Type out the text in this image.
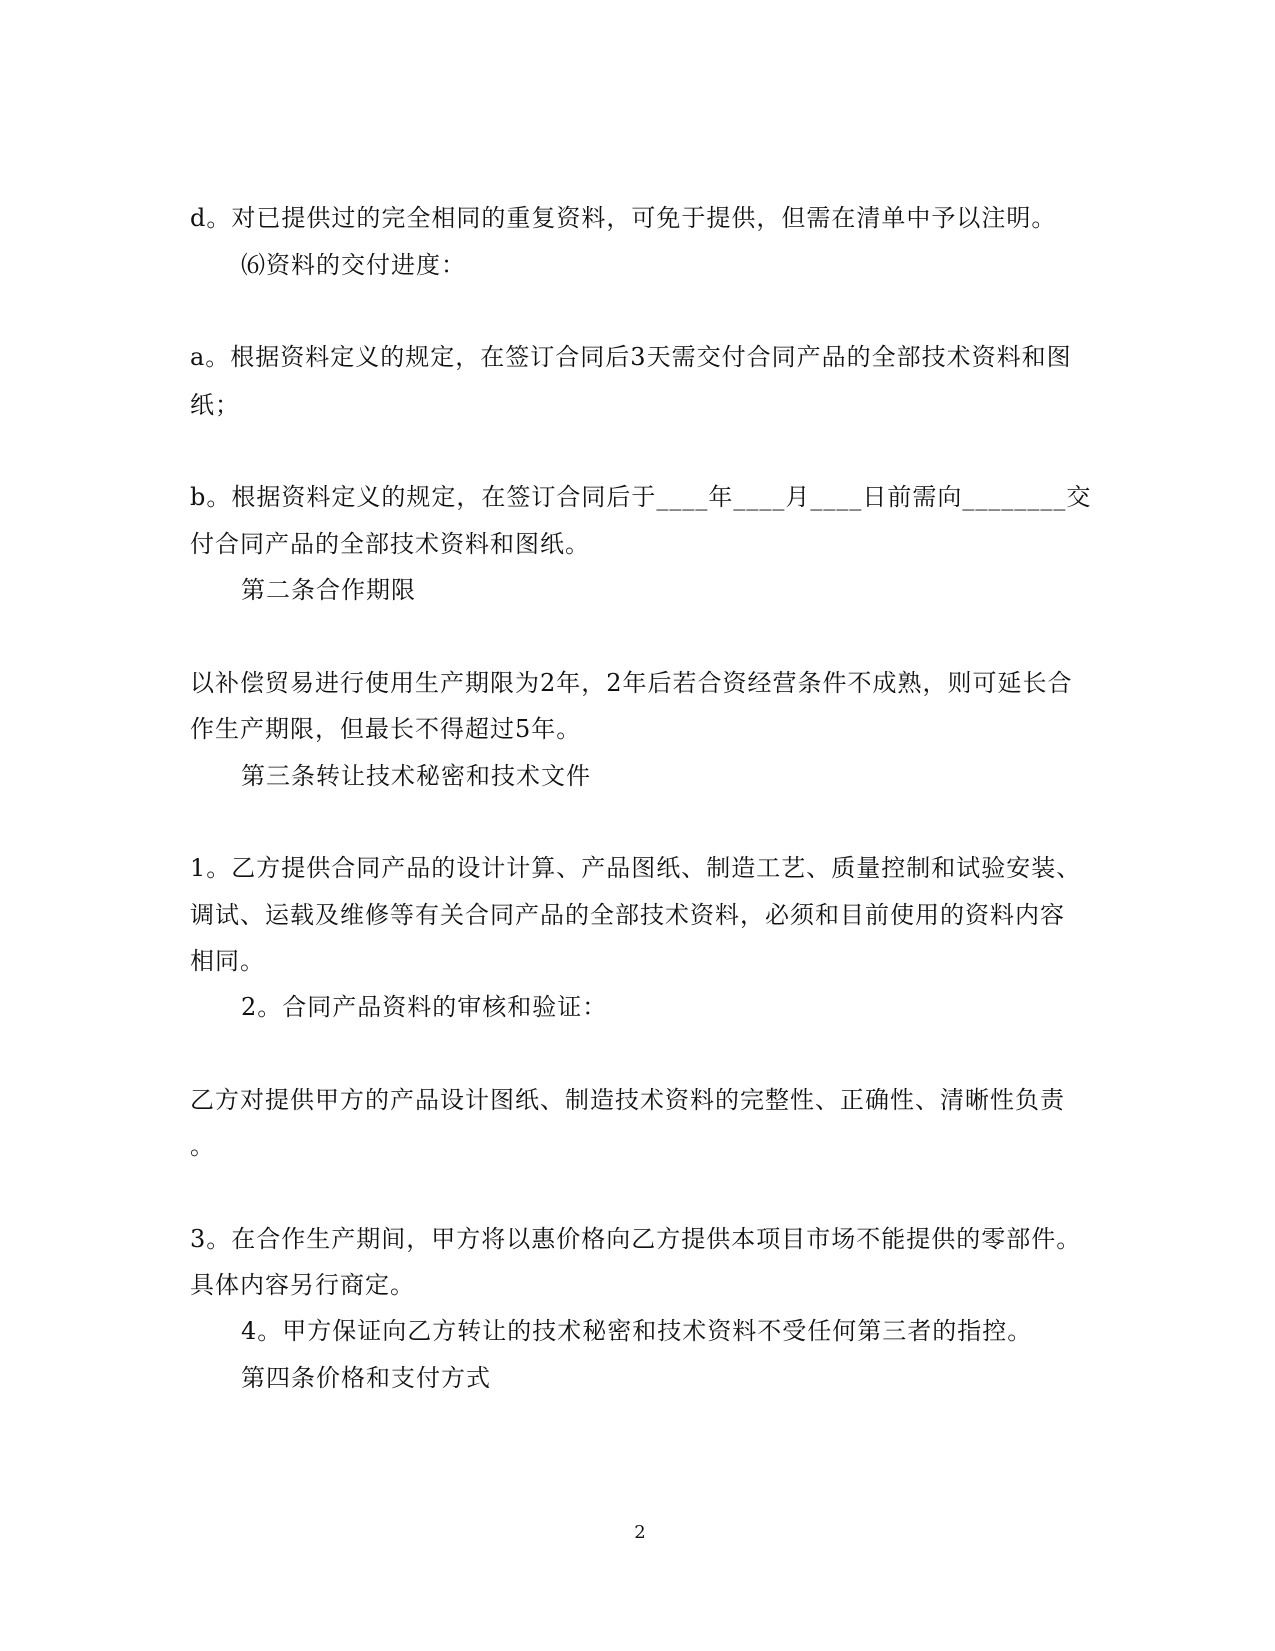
d。对已提供过的完全相同的重复资料，可免于提供，但需在清单中予以注明。
⑹资料的交付进度：
a。根据资料定义的规定，在签订合同后3天需交付合同产品的全部技术资料和图
纸；
b。根据资料定义的规定，在签订合同后于____年____月____日前需向________交
付合同产品的全部技术资料和图纸。
第二条合作期限
以补偿贸易进行使用生产期限为2年，2年后若合资经营条件不成熟，则可延长合
作生产期限，但最长不得超过5年。
第三条转让技术秘密和技术文件
1。乙方提供合同产品的设计计算、产品图纸、制造工艺、质量控制和试验安装、
调试、运载及维修等有关合同产品的全部技术资料，必须和目前使用的资料内容
相同。
2。合同产品资料的审核和验证：
乙方对提供甲方的产品设计图纸、制造技术资料的完整性、正确性、清晰性负责
。
3。在合作生产期间，甲方将以惠价格向乙方提供本项目市场不能提供的零部件。
具体内容另行商定。
4。甲方保证向乙方转让的技术秘密和技术资料不受任何第三者的指控。
第四条价格和支付方式
2
